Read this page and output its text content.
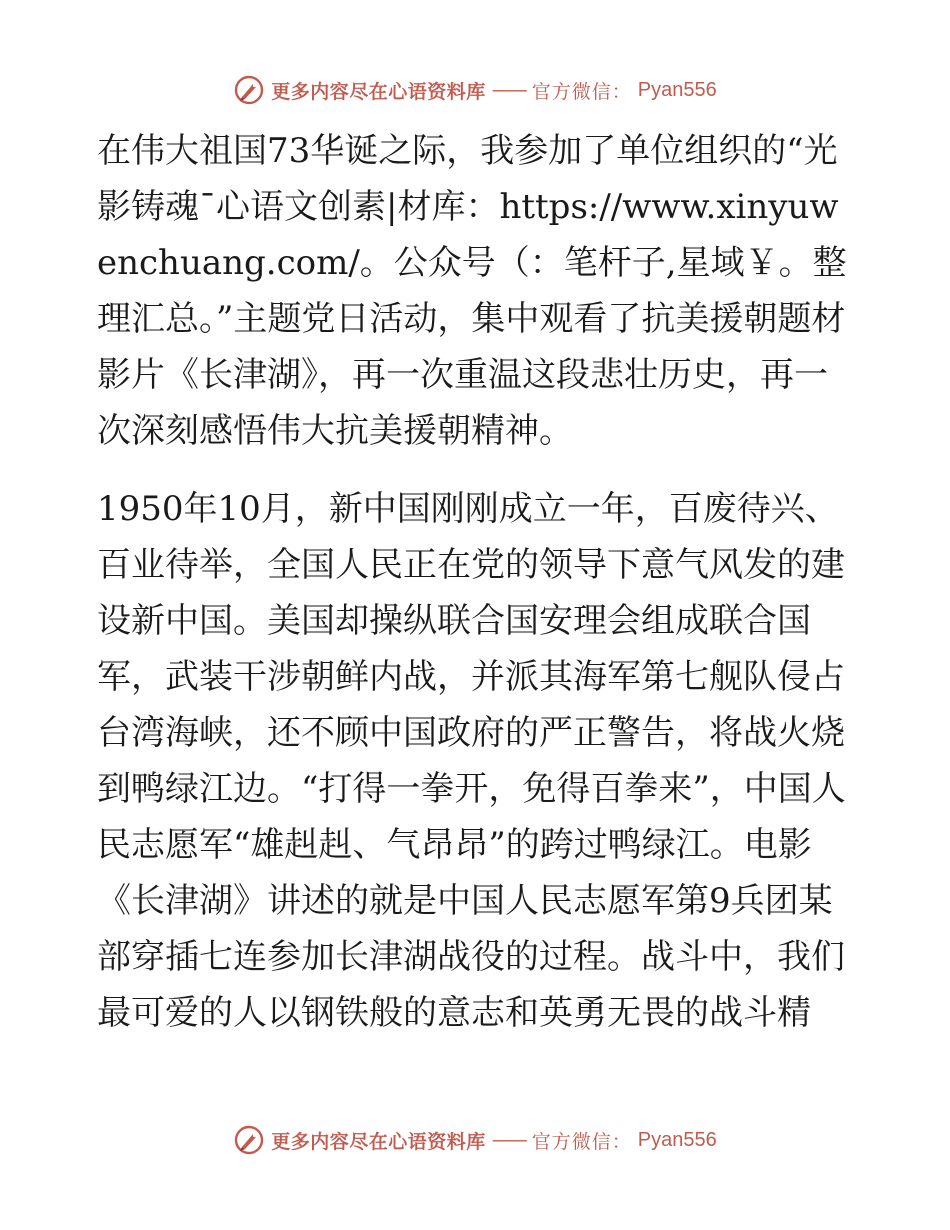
更多内容尽在心语资料库 —— 官方微信： Pyan556

在伟大祖国73华诞之际，我参加了单位组织的“光影铸魂¯心语文创素|材库：https://www.xinyuwenchuang.com/。公众号（：笔杆子,星域￥。整理汇总。”主题党日活动，集中观看了抗美援朝题材影片《长津湖》，再一次重温这段悲壮历史，再一次深刻感悟伟大抗美援朝精神。

1950年10月，新中国刚刚成立一年，百废待兴、百业待举，全国人民正在党的领导下意气风发的建设新中国。美国却操纵联合国安理会组成联合国军，武装干涉朝鲜内战，并派其海军第七舰队侵占台湾海峡，还不顾中国政府的严正警告，将战火烧到鸭绿江边。“打得一拳开，免得百拳来”，中国人民志愿军“雄赳赳、气昂昂”的跨过鸭绿江。电影《长津湖》讲述的就是中国人民志愿军第9兵团某部穿插七连参加长津湖战役的过程。战斗中，我们最可爱的人以钢铁般的意志和英勇无畏的战斗精

更多内容尽在心语资料库 —— 官方微信： Pyan556
